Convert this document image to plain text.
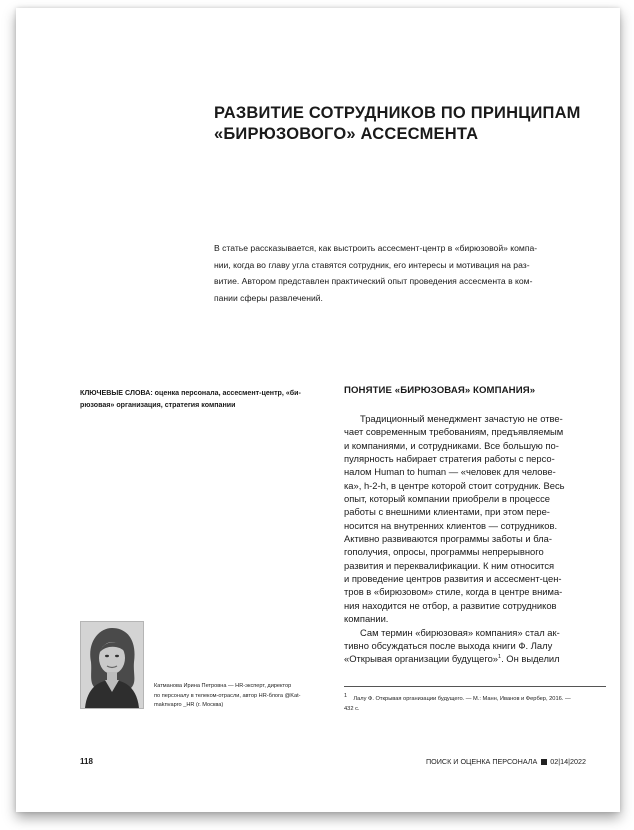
РАЗВИТИЕ СОТРУДНИКОВ ПО ПРИНЦИПАМ
«БИРЮЗОВОГО» АССЕСМЕНТА
В статье рассказывается, как выстроить ассесмент-центр в «бирюзовой» компа-
нии, когда во главу угла ставятся сотрудник, его интересы и мотивация на раз-
витие. Автором представлен практический опыт проведения ассесмента в ком-
пании сферы развлечений.
КЛЮЧЕВЫЕ СЛОВА: оценка персонала, ассесмент-центр, «би-
рюзовая» организация, стратегия компании
ПОНЯТИЕ «БИРЮЗОВАЯ» КОМПАНИЯ»
Традиционный менеджмент зачастую не отве-
чает современным требованиям, предъявляемым
и компаниями, и сотрудниками. Все большую по-
пулярность набирает стратегия работы с персо-
налом Human to human — «человек для челове-
ка», h-2-h, в центре которой стоит сотрудник. Весь
опыт, который компании приобрели в процессе
работы с внешними клиентами, при этом пере-
носится на внутренних клиентов — сотрудников.
Активно развиваются программы заботы и бла-
гополучия, опросы, программы непрерывного
развития и переквалификации. К ним относится
и проведение центров развития и ассесмент-цен-
тров в «бирюзовом» стиле, когда в центре внима-
ния находится не отбор, а развитие сотрудников
компании.
Сам термин «бирюзовая» компания» стал ак-
тивно обсуждаться после выхода книги Ф. Лалу
«Открывая организации будущего»$^1$. Он выделил
Катманова Ирина Петровна — HR-эксперт, директор
по персоналу в телеком-отрасли, автор HR-блога @Kat-
maknvapro _HR (г. Москва)
$^1$ Лалу Ф. Открывая организации будущего. — М.: Манн, Иванов и Фербер, 2016. —
432 с.
118	ПОИСК И ОЦЕНКА ПЕРСОНАЛА 02|14|2022
